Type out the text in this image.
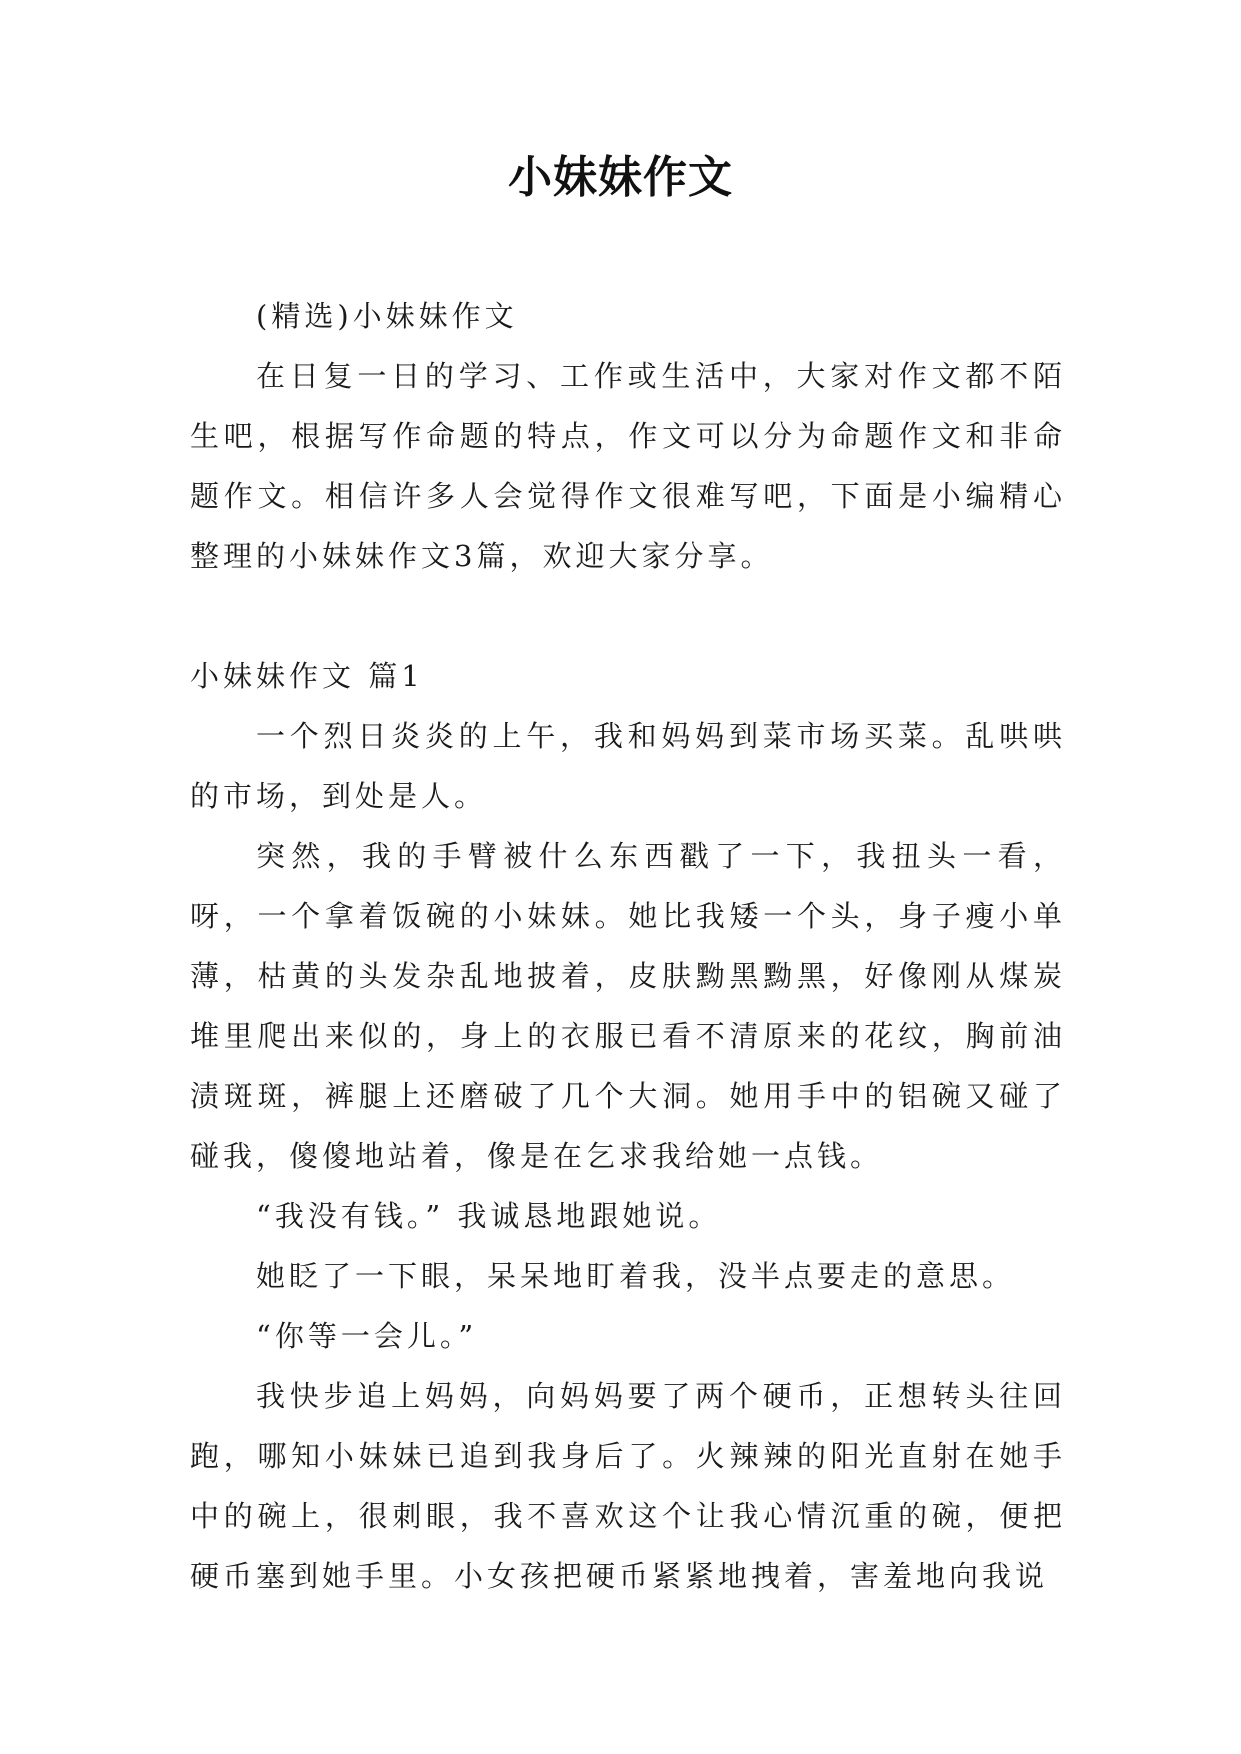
小妹妹作文

(精选)小妹妹作文

在日复一日的学习、工作或生活中，大家对作文都不陌生吧，根据写作命题的特点，作文可以分为命题作文和非命题作文。相信许多人会觉得作文很难写吧，下面是小编精心整理的小妹妹作文3篇，欢迎大家分享。

小妹妹作文 篇1

一个烈日炎炎的上午，我和妈妈到菜市场买菜。乱哄哄的市场，到处是人。

突然，我的手臂被什么东西戳了一下，我扭头一看，呀，一个拿着饭碗的小妹妹。她比我矮一个头，身子瘦小单薄，枯黄的头发杂乱地披着，皮肤黝黑黝黑，好像刚从煤炭堆里爬出来似的，身上的衣服已看不清原来的花纹，胸前油渍斑斑，裤腿上还磨破了几个大洞。她用手中的铝碗又碰了碰我，傻傻地站着，像是在乞求我给她一点钱。

“我没有钱。” 我诚恳地跟她说。

她眨了一下眼，呆呆地盯着我，没半点要走的意思。

“你等一会儿。”

我快步追上妈妈，向妈妈要了两个硬币，正想转头往回跑，哪知小妹妹已追到我身后了。火辣辣的阳光直射在她手中的碗上，很刺眼，我不喜欢这个让我心情沉重的碗，便把硬币塞到她手里。小女孩把硬币紧紧地拽着，害羞地向我说
